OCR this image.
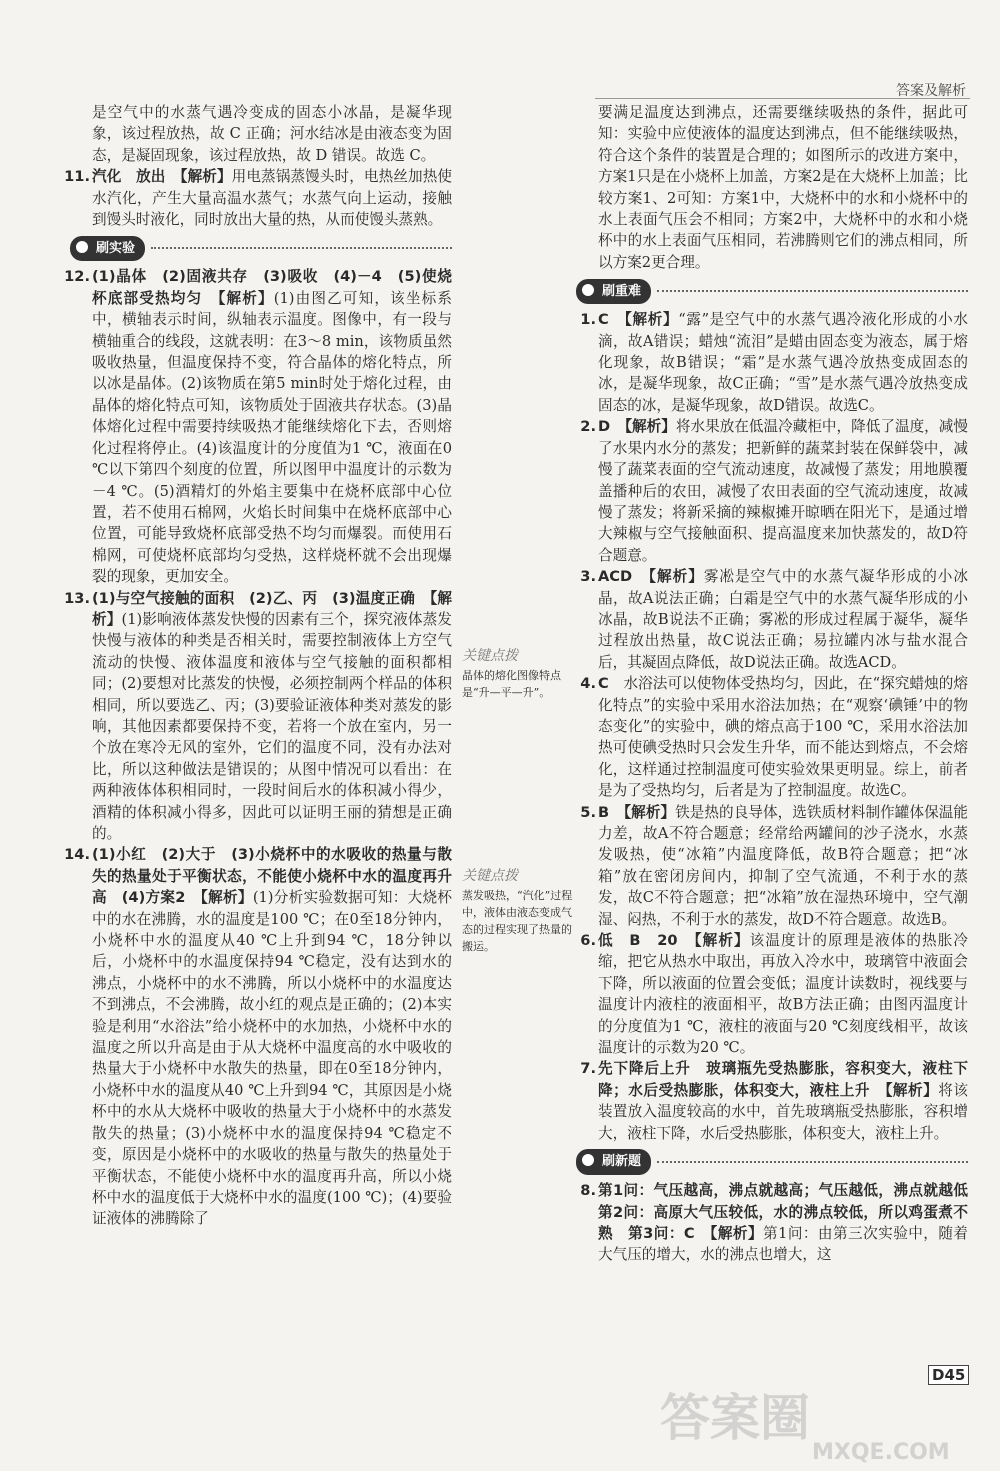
答案及解析

是空气中的水蒸气遇冷变成的固态小冰晶，是凝华现象，该过程放热，故 C 正确；河水结冰是由液态变为固态，是凝固现象，该过程放热，故 D 错误。故选 C。

11. 汽化　放出　 【解析】用电蒸锅蒸馒头时，电热丝加热使水汽化，产生大量高温水蒸气；水蒸气向上运动，接触到馒头时液化，同时放出大量的热，从而使馒头蒸熟。

刷实验
12. (1)晶体　(2)固液共存　(3)吸收　(4)－4　(5)使烧杯底部受热均匀　 【解析】(1)由图乙可知，该坐标系中，横轴表示时间，纵轴表示温度。图像中，有一段与横轴重合的线段，这就表明：在3～8 min，该物质虽然吸收热量，但温度保持不变，符合晶体的熔化特点，所以冰是晶体。(2)该物质在第5 min时处于熔化过程，由晶体的熔化特点可知，该物质处于固液共存状态。(3)晶体熔化过程中需要持续吸热才能继续熔化下去，否则熔化过程将停止。(4)该温度计的分度值为1 ℃，液面在0 ℃以下第四个刻度的位置，所以图甲中温度计的示数为－4 ℃。(5)酒精灯的外焰主要集中在烧杯底部中心位置，若不使用石棉网，火焰长时间集中在烧杯底部中心位置，可能导致烧杯底部受热不均匀而爆裂。而使用石棉网，可使烧杯底部均匀受热，这样烧杯就不会出现爆裂的现象，更加安全。

13. (1)与空气接触的面积　(2)乙、丙　(3)温度正确　 【解析】(1)影响液体蒸发快慢的因素有三个，探究液体蒸发快慢与液体的种类是否相关时，需要控制液体上方空气流动的快慢、液体温度和液体与空气接触的面积都相同；(2)要想对比蒸发的快慢，必须控制两个样品的体积相同，所以要选乙、丙；(3)要验证液体种类对蒸发的影响，其他因素都要保持不变，若将一个放在室内，另一个放在寒冷无风的室外，它们的温度不同，没有办法对比，所以这种做法是错误的；从图中情况可以看出：在两种液体体积相同时，一段时间后水的体积减小得少，酒精的体积减小得多，因此可以证明王丽的猜想是正确的。

14. (1)小红　(2)大于　(3)小烧杯中的水吸收的热量与散失的热量处于平衡状态，不能使小烧杯中水的温度再升高　(4)方案2　 【解析】(1)分析实验数据可知：大烧杯中的水在沸腾，水的温度是100 ℃；在0至18分钟内，小烧杯中水的温度从40 ℃上升到94 ℃，18分钟以后，小烧杯中的水温度保持94 ℃稳定，没有达到水的沸点，小烧杯中的水不沸腾，所以小烧杯中的水温度达不到沸点，不会沸腾，故小红的观点是正确的；(2)本实验是利用“水浴法”给小烧杯中的水加热，小烧杯中水的温度之所以升高是由于从大烧杯中温度高的水中吸收的热量大于小烧杯中水散失的热量，即在0至18分钟内，小烧杯中水的温度从40 ℃上升到94 ℃，其原因是小烧杯中的水从大烧杯中吸收的热量大于小烧杯中的水蒸发散失的热量；(3)小烧杯中水的温度保持94 ℃稳定不变，原因是小烧杯中的水吸收的热量与散失的热量处于平衡状态，不能使小烧杯中水的温度再升高，所以小烧杯中水的温度低于大烧杯中水的温度(100 ℃)；(4)要验证液体的沸腾除了

要满足温度达到沸点，还需要继续吸热的条件，据此可知：实验中应使液体的温度达到沸点，但不能继续吸热，符合这个条件的装置是合理的；如图所示的改进方案中，方案1只是在小烧杯上加盖，方案2是在大烧杯上加盖；比较方案1、2可知：方案1中，大烧杯中的水和小烧杯中的水上表面气压会不相同；方案2中，大烧杯中的水和小烧杯中的水上表面气压相同，若沸腾则它们的沸点相同，所以方案2更合理。

刷重难
1. C　 【解析】“露”是空气中的水蒸气遇冷液化形成的小水滴，故A错误；蜡烛“流泪”是蜡由固态变为液态，属于熔化现象，故B错误；“霜”是水蒸气遇冷放热变成固态的冰，是凝华现象，故C正确；“雪”是水蒸气遇冷放热变成固态的冰，是凝华现象，故D错误。故选C。

2. D　 【解析】将水果放在低温冷藏柜中，降低了温度，减慢了水果内水分的蒸发；把新鲜的蔬菜封装在保鲜袋中，减慢了蔬菜表面的空气流动速度，故减慢了蒸发；用地膜覆盖播种后的农田，减慢了农田表面的空气流动速度，故减慢了蒸发；将新采摘的辣椒摊开晾晒在阳光下，是通过增大辣椒与空气接触面积、提高温度来加快蒸发的，故D符合题意。

3. ACD　 【解析】雾凇是空气中的水蒸气凝华形成的小冰晶，故A说法正确；白霜是空气中的水蒸气凝华形成的小冰晶，故B说法不正确；雾凇的形成过程属于凝华，凝华过程放出热量，故C说法正确；易拉罐内冰与盐水混合后，其凝固点降低，故D说法正确。故选ACD。

4. C　 水浴法可以使物体受热均匀，因此，在“探究蜡烛的熔化特点”的实验中采用水浴法加热；在“观察‘碘锤’中的物态变化”的实验中，碘的熔点高于100 ℃，采用水浴法加热可使碘受热时只会发生升华，而不能达到熔点，不会熔化，这样通过控制温度可使实验效果更明显。综上，前者是为了受热均匀，后者是为了控制温度。故选C。

5. B　 【解析】铁是热的良导体，选铁质材料制作罐体保温能力差，故A不符合题意；经常给两罐间的沙子浇水，水蒸发吸热，使“冰箱”内温度降低，故B符合题意；把“冰箱”放在密闭房间内，抑制了空气流通，不利于水的蒸发，故C不符合题意；把“冰箱”放在湿热环境中，空气潮湿、闷热，不利于水的蒸发，故D不符合题意。故选B。

6. 低　B　20　 【解析】该温度计的原理是液体的热胀冷缩，把它从热水中取出，再放入冷水中，玻璃管中液面会下降，所以液面的位置会变低；温度计读数时，视线要与温度计内液柱的液面相平，故B方法正确；由图丙温度计的分度值为1 ℃，液柱的液面与20 ℃刻度线相平，故该温度计的示数为20 ℃。

7. 先下降后上升　玻璃瓶先受热膨胀，容积变大，液柱下降；水后受热膨胀，体积变大，液柱上升　 【解析】将该装置放入温度较高的水中，首先玻璃瓶受热膨胀，容积增大，液柱下降，水后受热膨胀，体积变大，液柱上升。

刷新题
8. 第1问：气压越高，沸点就越高；气压越低，沸点就越低　第2问：高原大气压较低，水的沸点较低，所以鸡蛋煮不熟　第3问：C　 【解析】第1问：由第三次实验中，随着大气压的增大，水的沸点也增大，这

关键点拨
晶体的熔化图像特点是“升—平—升”。
关键点拨
蒸发吸热，“汽化”过程中，液体由液态变成气态的过程实现了热量的搬运。
D45
答案圈
MXQE.COM
